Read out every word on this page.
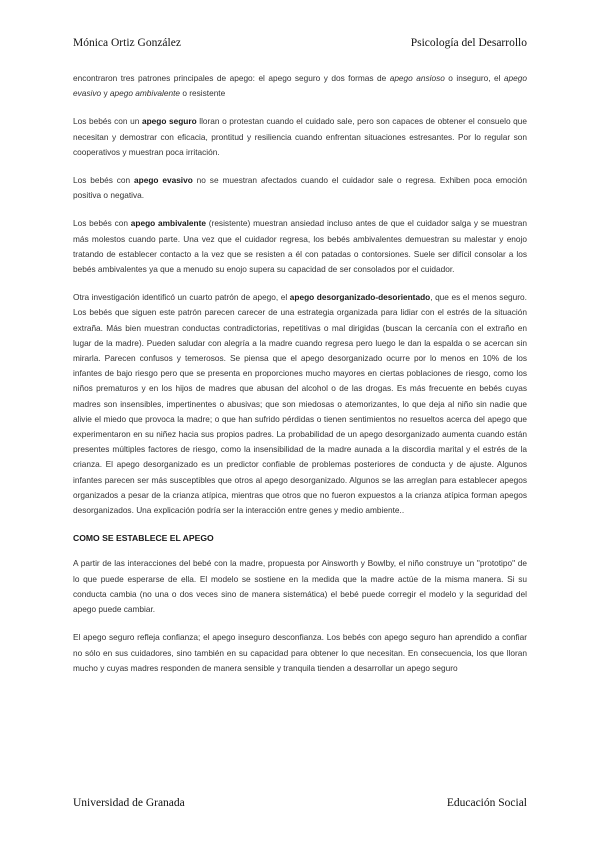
Mónica Ortiz González	Psicología del Desarrollo

encontraron tres patrones principales de apego: el apego seguro y dos formas de apego ansioso o inseguro, el apego evasivo y apego ambivalente o resistente

Los bebés con un apego seguro lloran o protestan cuando el cuidado sale, pero son capaces de obtener el consuelo que necesitan y demostrar con eficacia, prontitud y resiliencia cuando enfrentan situaciones estresantes. Por lo regular son cooperativos y muestran poca irritación.

Los bebés con apego evasivo no se muestran afectados cuando el cuidador sale o regresa. Exhiben poca emoción positiva o negativa.

Los bebés con apego ambivalente (resistente) muestran ansiedad incluso antes de que el cuidador salga y se muestran más molestos cuando parte. Una vez que el cuidador regresa, los bebés ambivalentes demuestran su malestar y enojo tratando de establecer contacto a la vez que se resisten a él con patadas o contorsiones. Suele ser difícil consolar a los bebés ambivalentes ya que a menudo su enojo supera su capacidad de ser consolados por el cuidador.

Otra investigación identificó un cuarto patrón de apego, el apego desorganizado-desorientado, que es el menos seguro. Los bebés que siguen este patrón parecen carecer de una estrategia organizada para lidiar con el estrés de la situación extraña. Más bien muestran conductas contradictorias, repetitivas o mal dirigidas (buscan la cercanía con el extraño en lugar de la madre). Pueden saludar con alegría a la madre cuando regresa pero luego le dan la espalda o se acercan sin mirarla. Parecen confusos y temerosos. Se piensa que el apego desorganizado ocurre por lo menos en 10% de los infantes de bajo riesgo pero que se presenta en proporciones mucho mayores en ciertas poblaciones de riesgo, como los niños prematuros y en los hijos de madres que abusan del alcohol o de las drogas. Es más frecuente en bebés cuyas madres son insensibles, impertinentes o abusivas; que son miedosas o atemorizantes, lo que deja al niño sin nadie que alivie el miedo que provoca la madre; o que han sufrido pérdidas o tienen sentimientos no resueltos acerca del apego que experimentaron en su niñez hacia sus propios padres. La probabilidad de un apego desorganizado aumenta cuando están presentes múltiples factores de riesgo, como la insensibilidad de la madre aunada a la discordia marital y el estrés de la crianza. El apego desorganizado es un predictor confiable de problemas posteriores de conducta y de ajuste. Algunos infantes parecen ser más susceptibles que otros al apego desorganizado. Algunos se las arreglan para establecer apegos organizados a pesar de la crianza atípica, mientras que otros que no fueron expuestos a la crianza atípica forman apegos desorganizados. Una explicación podría ser la interacción entre genes y medio ambiente..

COMO SE ESTABLECE EL APEGO

A partir de las interacciones del bebé con la madre, propuesta por Ainsworth y Bowlby, el niño construye un "prototipo" de lo que puede esperarse de ella. El modelo se sostiene en la medida que la madre actúe de la misma manera. Si su conducta cambia (no una o dos veces sino de manera sistemática) el bebé puede corregir el modelo y la seguridad del apego puede cambiar.

El apego seguro refleja confianza; el apego inseguro desconfianza. Los bebés con apego seguro han aprendido a confiar no sólo en sus cuidadores, sino también en su capacidad para obtener lo que necesitan. En consecuencia, los que lloran mucho y cuyas madres responden de manera sensible y tranquila tienden a desarrollar un apego seguro

Universidad de Granada	Educación Social
